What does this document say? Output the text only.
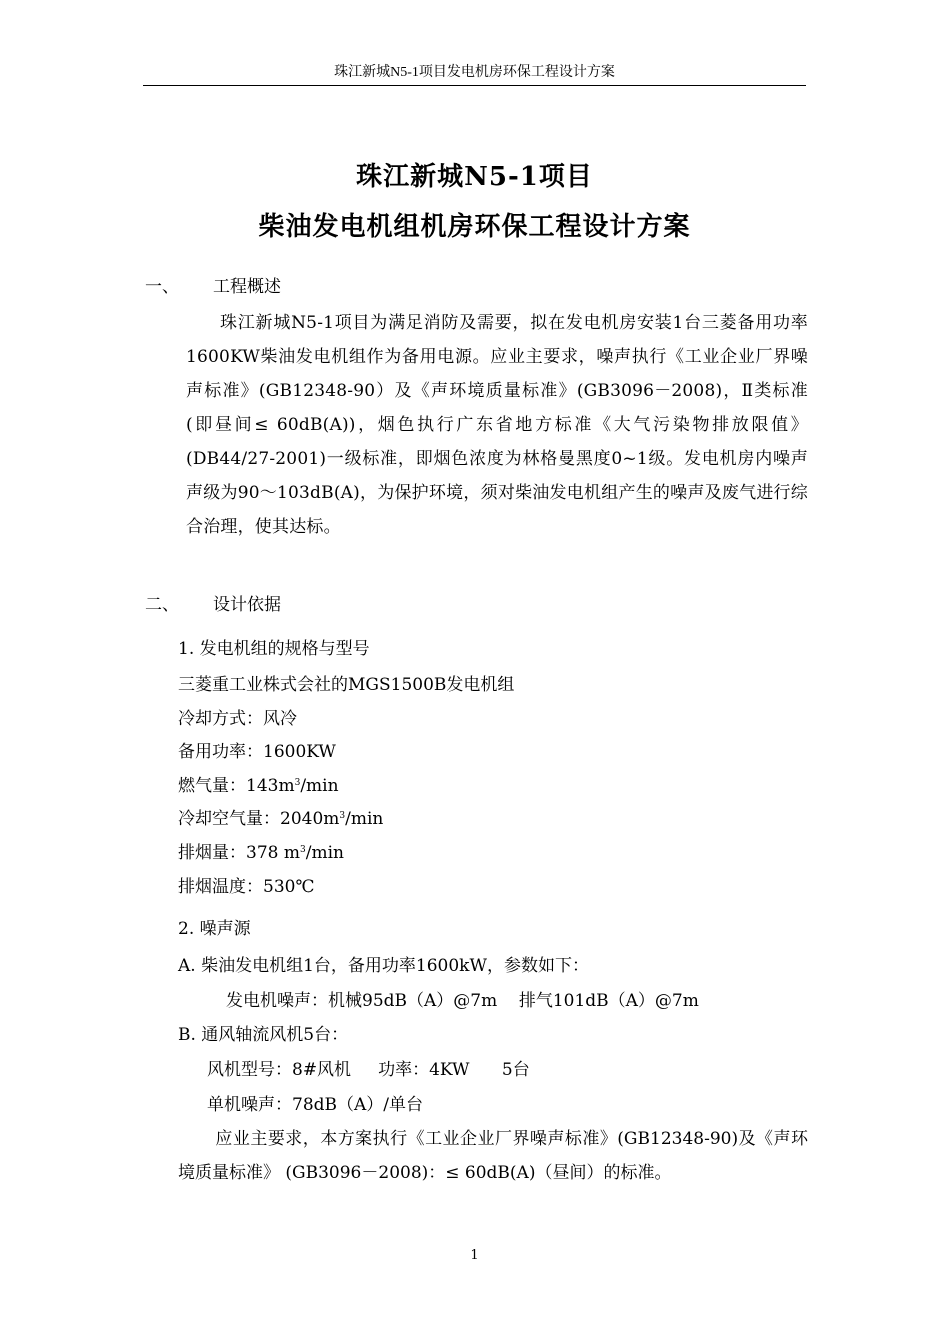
珠江新城N5-1项目发电机房环保工程设计方案
珠江新城N5-1项目
柴油发电机组机房环保工程设计方案
一、 工程概述
珠江新城N5-1项目为满足消防及需要，拟在发电机房安装1台三菱备用功率1600KW柴油发电机组作为备用电源。应业主要求，噪声执行《工业企业厂界噪声标准》(GB12348-90）及《声环境质量标准》(GB3096－2008)，Ⅱ类标准(即昼间≤ 60dB(A))，烟色执行广东省地方标准《大气污染物排放限值》(DB44/27-2001)一级标准，即烟色浓度为林格曼黑度0~1级。发电机房内噪声声级为90～103dB(A)，为保护环境，须对柴油发电机组产生的噪声及废气进行综合治理，使其达标。
二、 设计依据
1. 发电机组的规格与型号
三菱重工业株式会社的MGS1500B发电机组
冷却方式：风冷
备用功率：1600KW
燃气量：$143m^3/\min$
冷却空气量：$2040m^3/\min$
排烟量：378 $m^3/\min$
排烟温度：530℃
2. 噪声源
A. 柴油发电机组1台，备用功率1600kW，参数如下：
发电机噪声：机械95dB（A）@7m    排气101dB（A）@7m
B. 通风轴流风机5台：
风机型号：8#风机     功率：4KW      5台
单机噪声：78dB（A）/单台
应业主要求，本方案执行《工业企业厂界噪声标准》(GB12348-90)及《声环境质量标准》 (GB3096－2008)：≤ 60dB(A)（昼间）的标准。
1
